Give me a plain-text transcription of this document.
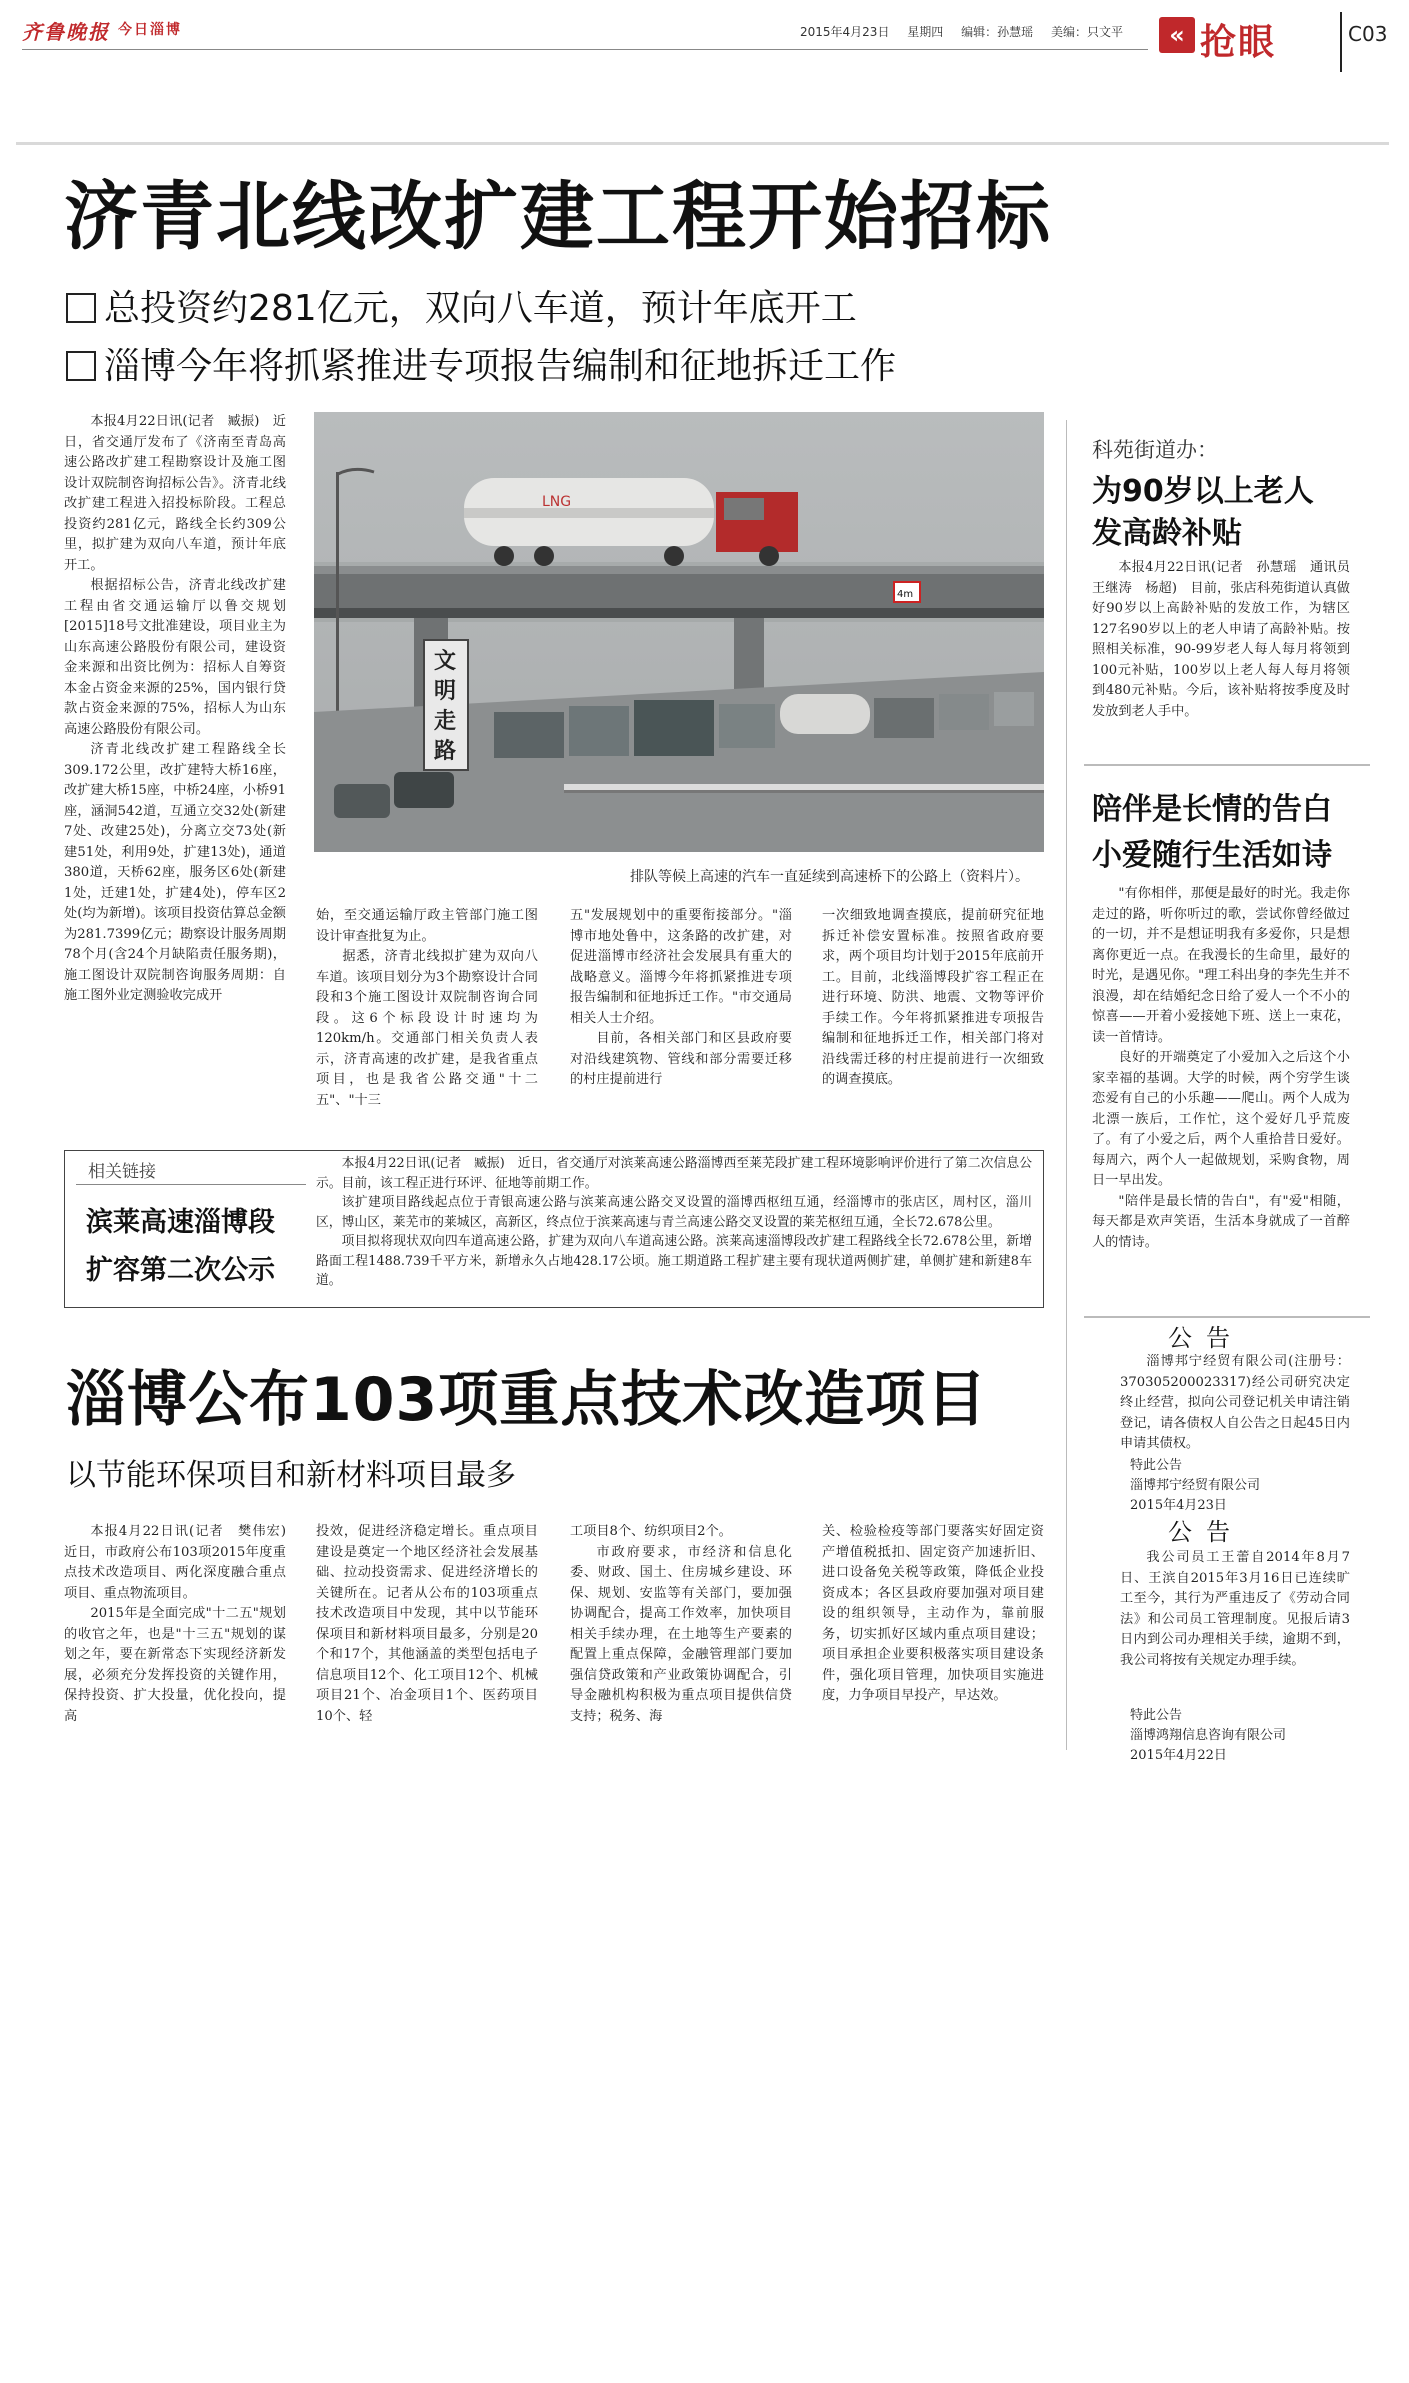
齐鲁晚报 今日淄博	2015年4月23日 星期四 编辑：孙慧瑶 美编：只文平	« 抢眼	C03
济青北线改扩建工程开始招标
总投资约281亿元，双向八车道，预计年底开工
淄博今年将抓紧推进专项报告编制和征地拆迁工作
LNG
4m
文 明 走 路
排队等候上高速的汽车一直延续到高速桥下的公路上（资料片）。

本报4月22日讯(记者　臧振)　近日，省交通厅发布了《济南至青岛高速公路改扩建工程勘察设计及施工图设计双院制咨询招标公告》。济青北线改扩建工程进入招投标阶段。工程总投资约281亿元，路线全长约309公里，拟扩建为双向八车道，预计年底开工。

根据招标公告，济青北线改扩建工程由省交通运输厅以鲁交规划[2015]18号文批准建设，项目业主为山东高速公路股份有限公司，建设资金来源和出资比例为：招标人自筹资本金占资金来源的25%，国内银行贷款占资金来源的75%，招标人为山东高速公路股份有限公司。

济青北线改扩建工程路线全长309.172公里，改扩建特大桥16座，改扩建大桥15座，中桥24座，小桥91座，涵洞542道，互通立交32处(新建7处、改建25处)，分离立交73处(新建51处，利用9处，扩建13处)，通道380道，天桥62座，服务区6处(新建1处，迁建1处，扩建4处)，停车区2处(均为新增)。该项目投资估算总金额为281.7399亿元；勘察设计服务周期78个月(含24个月缺陷责任服务期)，施工图设计双院制咨询服务周期：自施工图外业定测验收完成开

始，至交通运输厅政主管部门施工图设计审查批复为止。

据悉，济青北线拟扩建为双向八车道。该项目划分为3个勘察设计合同段和3个施工图设计双院制咨询合同段。这6个标段设计时速均为120km/h。交通部门相关负责人表示，济青高速的改扩建，是我省重点项目，也是我省公路交通"十二五"、"十三

五"发展规划中的重要衔接部分。"淄博市地处鲁中，这条路的改扩建，对促进淄博市经济社会发展具有重大的战略意义。淄博今年将抓紧推进专项报告编制和征地拆迁工作。"市交通局相关人士介绍。

目前，各相关部门和区县政府要对沿线建筑物、管线和部分需要迁移的村庄提前进行

一次细致地调查摸底，提前研究征地拆迁补偿安置标准。按照省政府要求，两个项目均计划于2015年底前开工。目前，北线淄博段扩容工程正在进行环境、防洪、地震、文物等评价手续工作。今年将抓紧推进专项报告编制和征地拆迁工作，相关部门将对沿线需迁移的村庄提前进行一次细致的调查摸底。

相关链接
滨莱高速淄博段
扩容第二次公示

本报4月22日讯(记者　臧振)　近日，省交通厅对滨莱高速公路淄博西至莱芜段扩建工程环境影响评价进行了第二次信息公示。目前，该工程正进行环评、征地等前期工作。

该扩建项目路线起点位于青银高速公路与滨莱高速公路交叉设置的淄博西枢纽互通，经淄博市的张店区，周村区，淄川区，博山区，莱芜市的莱城区，高新区，终点位于滨莱高速与青兰高速公路交叉设置的莱芜枢纽互通，全长72.678公里。

项目拟将现状双向四车道高速公路，扩建为双向八车道高速公路。滨莱高速淄博段改扩建工程路线全长72.678公里，新增路面工程1488.739千平方米，新增永久占地428.17公顷。施工期道路工程扩建主要有现状道两侧扩建，单侧扩建和新建8车道。

淄博公布103项重点技术改造项目
以节能环保项目和新材料项目最多

本报4月22日讯(记者　樊伟宏)　近日，市政府公布103项2015年度重点技术改造项目、两化深度融合重点项目、重点物流项目。

2015年是全面完成"十二五"规划的收官之年，也是"十三五"规划的谋划之年，要在新常态下实现经济新发展，必须充分发挥投资的关键作用，保持投资、扩大投量，优化投向，提高

投效，促进经济稳定增长。重点项目建设是奠定一个地区经济社会发展基础、拉动投资需求、促进经济增长的关键所在。记者从公布的103项重点技术改造项目中发现，其中以节能环保项目和新材料项目最多，分别是20个和17个，其他涵盖的类型包括电子信息项目12个、化工项目12个、机械项目21个、冶金项目1个、医药项目10个、轻

工项目8个、纺织项目2个。

市政府要求，市经济和信息化委、财政、国土、住房城乡建设、环保、规划、安监等有关部门，要加强协调配合，提高工作效率，加快项目相关手续办理，在土地等生产要素的配置上重点保障，金融管理部门要加强信贷政策和产业政策协调配合，引导金融机构积极为重点项目提供信贷支持；税务、海

关、检验检疫等部门要落实好固定资产增值税抵扣、固定资产加速折旧、进口设备免关税等政策，降低企业投资成本；各区县政府要加强对项目建设的组织领导，主动作为，靠前服务，切实抓好区域内重点项目建设；项目承担企业要积极落实项目建设条件，强化项目管理，加快项目实施进度，力争项目早投产，早达效。

科苑街道办：
为90岁以上老人
发高龄补贴

本报4月22日讯(记者　孙慧瑶　通讯员　王继涛　杨超)　目前，张店科苑街道认真做好90岁以上高龄补贴的发放工作，为辖区127名90岁以上的老人申请了高龄补贴。按照相关标准，90-99岁老人每人每月将领到100元补贴，100岁以上老人每人每月将领到480元补贴。今后，该补贴将按季度及时发放到老人手中。

陪伴是长情的告白
小爱随行生活如诗

"有你相伴，那便是最好的时光。我走你走过的路，听你听过的歌，尝试你曾经做过的一切，并不是想证明我有多爱你，只是想离你更近一点。在我漫长的生命里，最好的时光，是遇见你。"理工科出身的李先生并不浪漫，却在结婚纪念日给了爱人一个不小的惊喜——开着小爱接她下班、送上一束花，读一首情诗。

良好的开端奠定了小爱加入之后这个小家幸福的基调。大学的时候，两个穷学生谈恋爱有自己的小乐趣——爬山。两个人成为北漂一族后，工作忙，这个爱好几乎荒废了。有了小爱之后，两个人重拾昔日爱好。每周六，两个人一起做规划，采购食物，周日一早出发。

"陪伴是最长情的告白"，有"爱"相随，每天都是欢声笑语，生活本身就成了一首醉人的情诗。

公告

淄博邦宁经贸有限公司(注册号：370305200023317)经公司研究决定终止经营，拟向公司登记机关申请注销登记，请各债权人自公告之日起45日内申请其债权。

特此公告
淄博邦宁经贸有限公司
2015年4月23日
公告

我公司员工王蕾自2014年8月7日、王滨自2015年3月16日已连续旷工至今，其行为严重违反了《劳动合同法》和公司员工管理制度。见报后请3日内到公司办理相关手续，逾期不到，我公司将按有关规定办理手续。

特此公告
淄博鸿翔信息咨询有限公司
2015年4月22日
